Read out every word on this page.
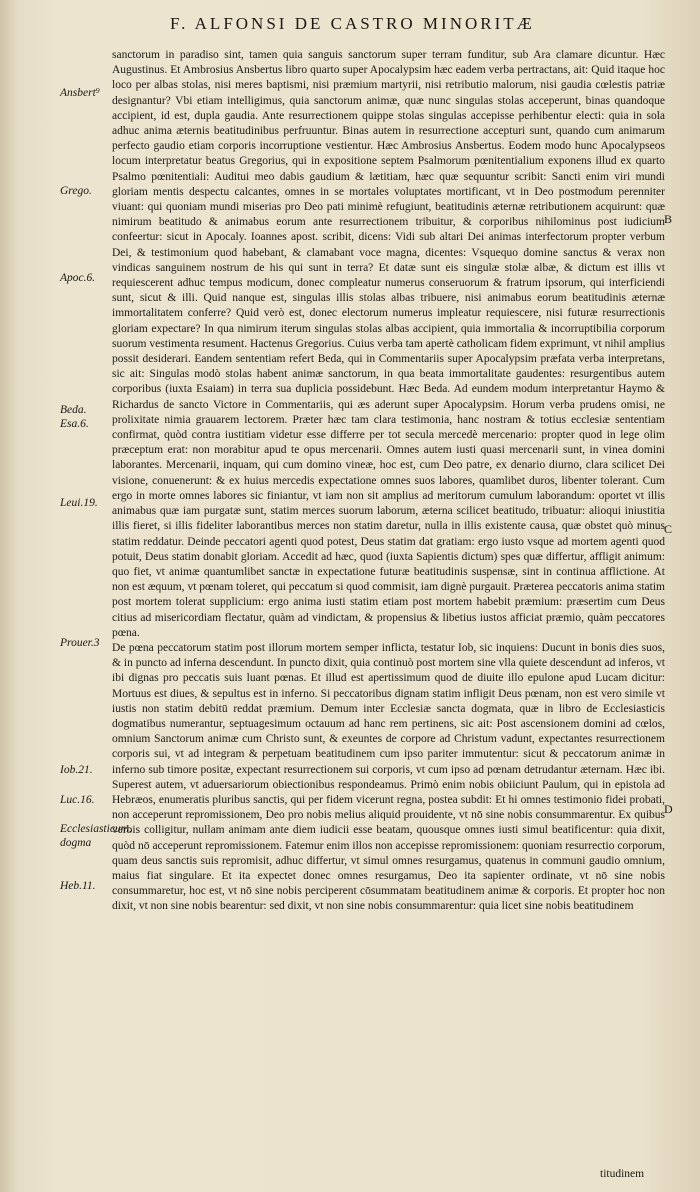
F. ALFONSI DE CASTRO MINORITÆ

sanctorum in paradiso sint, tamen quia sanguis sanctorum super terram funditur, sub Ara clamare dicuntur. Hæc Augustinus. Et Ambrosius Ansbertus libro quarto super Apocalypsim hæc eadem verba pertractans, ait: Quid itaque hoc loco per albas stolas, nisi meres baptismi, nisi præmium martyrii, nisi retributio malorum, nisi gaudia cœlestis patriæ designantur? Vbi etiam intelligimus, quia sanctorum animæ, quæ nunc singulas stolas acceperunt, binas quandoque accipient, id est, dupla gaudia. Ante resurrectionem quippe stolas singulas accepisse perhibentur electi: quia in sola adhuc anima æternis beatitudinibus perfruuntur. Binas autem in resurrectione accepturi sunt, quando cum animarum perfecto gaudio etiam corporis incorruptione vestientur. Hæc Ambrosius Ansbertus. Eodem modo hunc Apocalypseos locum interpretatur beatus Gregorius, qui in expositione septem Psalmorum pœnitentialium exponens illud ex quarto Psalmo pœnitentiali: Auditui meo dabis gaudium & lætitiam, hæc quæ sequuntur scribit: Sancti enim viri mundi gloriam mentis despectu calcantes, omnes in se mortales voluptates mortificant, vt in Deo postmodum perenniter viuant: qui quoniam mundi miserias pro Deo pati minimè refugiunt, beatitudinis æternæ retributionem acquirunt: quæ nimirum beatitudo & animabus eorum ante resurrectionem tribuitur, & corporibus nihilominus post iudicium confeertur: sicut in Apocaly. Ioannes apost. scribit, dicens: Vidi sub altari Dei animas interfectorum propter verbum Dei, & testimonium quod habebant, & clamabant voce magna, dicentes: Vsquequo domine sanctus & verax non vindicas sanguinem nostrum de his qui sunt in terra? Et datæ sunt eis singulæ stolæ albæ, & dictum est illis vt requiescerent adhuc tempus modicum, donec compleatur numerus conseruorum & fratrum ipsorum, qui interficiendi sunt, sicut & illi. Quid nanque est, singulas illis stolas albas tribuere, nisi animabus eorum beatitudinis æternæ immortalitatem conferre? Quid verò est, donec electorum numerus impleatur requiescere, nisi futuræ resurrectionis gloriam expectare? In qua nimirum iterum singulas stolas albas accipient, quia immortalia & incorruptibilia corporum suorum vestimenta resument. Hactenus Gregorius. Cuius verba tam apertè catholicam fidem exprimunt, vt nihil amplius possit desiderari. Eandem sententiam refert Beda, qui in Commentariis super Apocalypsim præfata verba interpretans, sic ait: Singulas modò stolas habent animæ sanctorum, in qua beata immortalitate gaudentes: resurgentibus autem corporibus (iuxta Esaiam) in terra sua duplicia possidebunt. Hæc Beda. Ad eundem modum interpretantur Haymo & Richardus de sancto Victore in Commentariis, qui æs aderunt super Apocalypsim. Horum verba prudens omisi, ne prolixitate nimia grauarem lectorem. Præter hæc tam clara testimonia, hanc nostram & totius ecclesiæ sententiam confirmat, quòd contra iustitiam videtur esse differre per tot secula mercedè mercenario: propter quod in lege olim præceptum erat: non morabitur apud te opus mercenarii. Omnes autem iusti quasi mercenarii sunt, in vinea domini laborantes. Mercenarii, inquam, qui cum domino vineæ, hoc est, cum Deo patre, ex denario diurno, clara scilicet Dei visione, conuenerunt: & ex huius mercedis expectatione omnes suos labores, quamlibet duros, libenter tolerant. Cum ergo in morte omnes labores sic finiantur, vt iam non sit amplius ad meritorum cumulum laborandum: oportet vt illis animabus quæ iam purgatæ sunt, statim merces suorum laborum, æterna scilicet beatitudo, tribuatur: alioqui iniustitia illis fieret, si illis fideliter laborantibus merces non statim daretur, nulla in illis existente causa, quæ obstet quò minus statim reddatur. Deinde peccatori agenti quod potest, Deus statim dat gratiam: ergo iusto vsque ad mortem agenti quod potuit, Deus statim donabit gloriam. Accedit ad hæc, quod (iuxta Sapientis dictum) spes quæ differtur, affligit animum: quo fiet, vt animæ quantumlibet sanctæ in expectatione futuræ beatitudinis suspensæ, sint in continua afflictione. At non est æquum, vt pœnam toleret, qui peccatum si quod commisit, iam dignè purgauit. Præterea peccatoris anima statim post mortem tolerat supplicium: ergo anima iusti statim etiam post mortem habebit præmium: præsertim cum Deus citius ad misericordiam flectatur, quàm ad vindictam, & propensius & libetius iustos afficiat præmio, quàm peccatores pœna.

De pœna peccatorum statim post illorum mortem semper inflicta, testatur Iob, sic inquiens: Ducunt in bonis dies suos, & in puncto ad inferna descendunt. In puncto dixit, quia continuò post mortem sine vlla quiete descendunt ad inferos, vt ibi dignas pro peccatis suis luant pœnas. Et illud est apertissimum quod de diuite illo epulone apud Lucam dicitur: Mortuus est diues, & sepultus est in inferno. Si peccatoribus dignam statim infligit Deus pœnam, non est vero simile vt iustis non statim debitū reddat præmium. Demum inter Ecclesiæ sancta dogmata, quæ in libro de Ecclesiasticis dogmatibus numerantur, septuagesimum octauum ad hanc rem pertinens, sic ait: Post ascensionem domini ad cœlos, omnium Sanctorum animæ cum Christo sunt, & exeuntes de corpore ad Christum vadunt, expectantes resurrectionem corporis sui, vt ad integram & perpetuam beatitudinem cum ipso pariter immutentur: sicut & peccatorum animæ in inferno sub timore positæ, expectant resurrectionem sui corporis, vt cum ipso ad pœnam detrudantur æternam. Hæc ibi. Superest autem, vt aduersariorum obiectionibus respondeamus. Primò enim nobis obiiciunt Paulum, qui in epistola ad Hebræos, enumeratis pluribus sanctis, qui per fidem vicerunt regna, postea subdit: Et hi omnes testimonio fidei probati, non acceperunt repromissionem, Deo pro nobis melius aliquid prouidente, vt nō sine nobis consummarentur. Ex quibus verbis colligitur, nullam animam ante diem iudicii esse beatam, quousque omnes iusti simul beatificentur: quia dixit, quòd nō acceperunt repromissionem. Fatemur enim illos non accepisse repromissionem: quoniam resurrectio corporum, quam deus sanctis suis repromisit, adhuc differtur, vt simul omnes resurgamus, quatenus in communi gaudio omnium, maius fiat singulare. Et ita expectet donec omnes resurgamus, Deo ita sapienter ordinate, vt nō sine nobis consummaretur, hoc est, vt nō sine nobis perciperent cōsummatam beatitudinem animæ & corporis. Et propter hoc non dixit, vt non sine nobis bearentur: sed dixit, vt non sine nobis consummarentur: quia licet sine nobis beatitudinem

Ansbert⁹
Grego.
Apoc.6.
Beda.
Esa.6.
Leui.19.
Prouer.3
Iob.21.
Luc.16.
Ecclesiasticum. dogma
Heb.11.
B
C
D
titudinem
